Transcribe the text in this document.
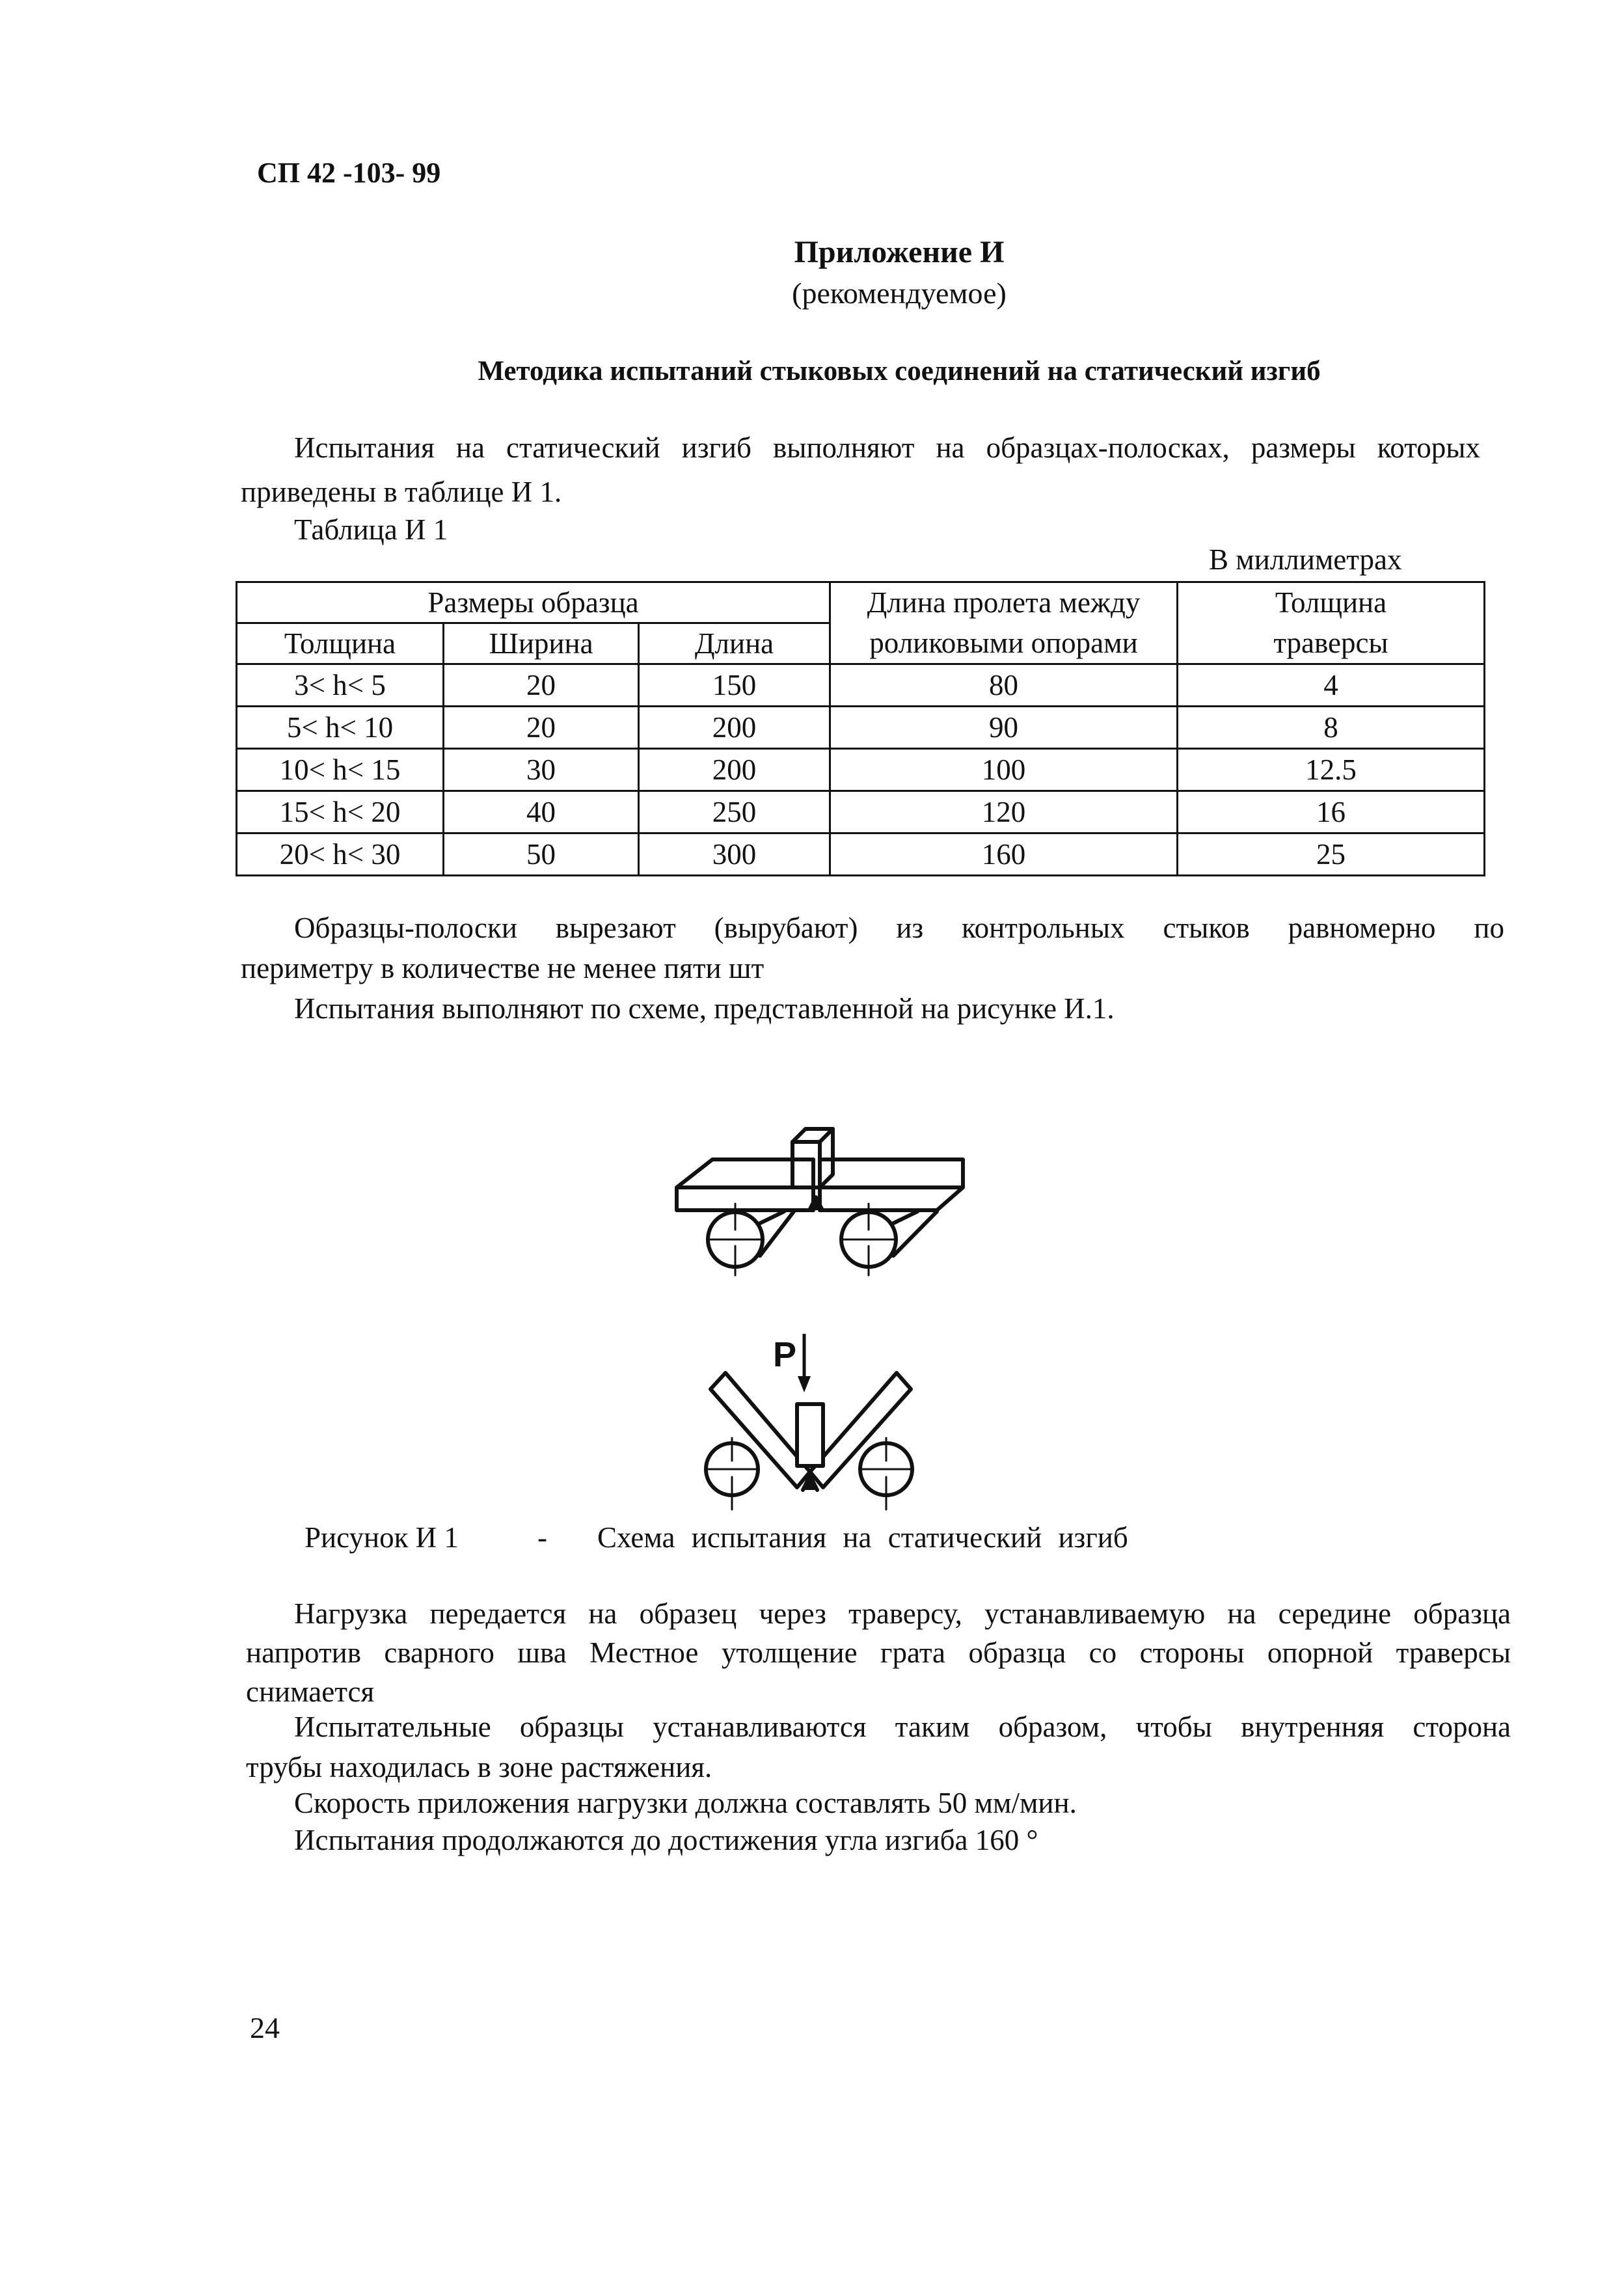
СП 42 -103- 99
Приложение И
(рекомендуемое)
Методика испытаний стыковых соединений на статический изгиб
Испытания на статический изгиб выполняют на образцах-полосках, размеры которых
приведены в таблице И 1.
Таблица И 1
В миллиметрах
Размеры образца			Длина пролета между	Толщина
Толщина	Ширина	Длина	роликовыми опорами	траверсы
3< h< 5	20	150	80	4
5< h< 10	20	200	90	8
10< h< 15	30	200	100	12.5
15< h< 20	40	250	120	16
20< h< 30	50	300	160	25
Образцы-полоски вырезают (вырубают) из контрольных стыков равномерно по
периметру в количестве не менее пяти шт
Испытания выполняют по схеме, представленной на рисунке И.1.
P
Рисунок И 1	- Схема испытания на статический изгиб
Нагрузка передается на образец через траверсу, устанавливаемую на середине образца
напротив сварного шва Местное утолщение грата образца со стороны опорной траверсы
снимается
Испытательные образцы устанавливаются таким образом, чтобы внутренняя сторона
трубы находилась в зоне растяжения.
Скорость приложения нагрузки должна составлять 50 мм/мин.
Испытания продолжаются до достижения угла изгиба 160 °
24
